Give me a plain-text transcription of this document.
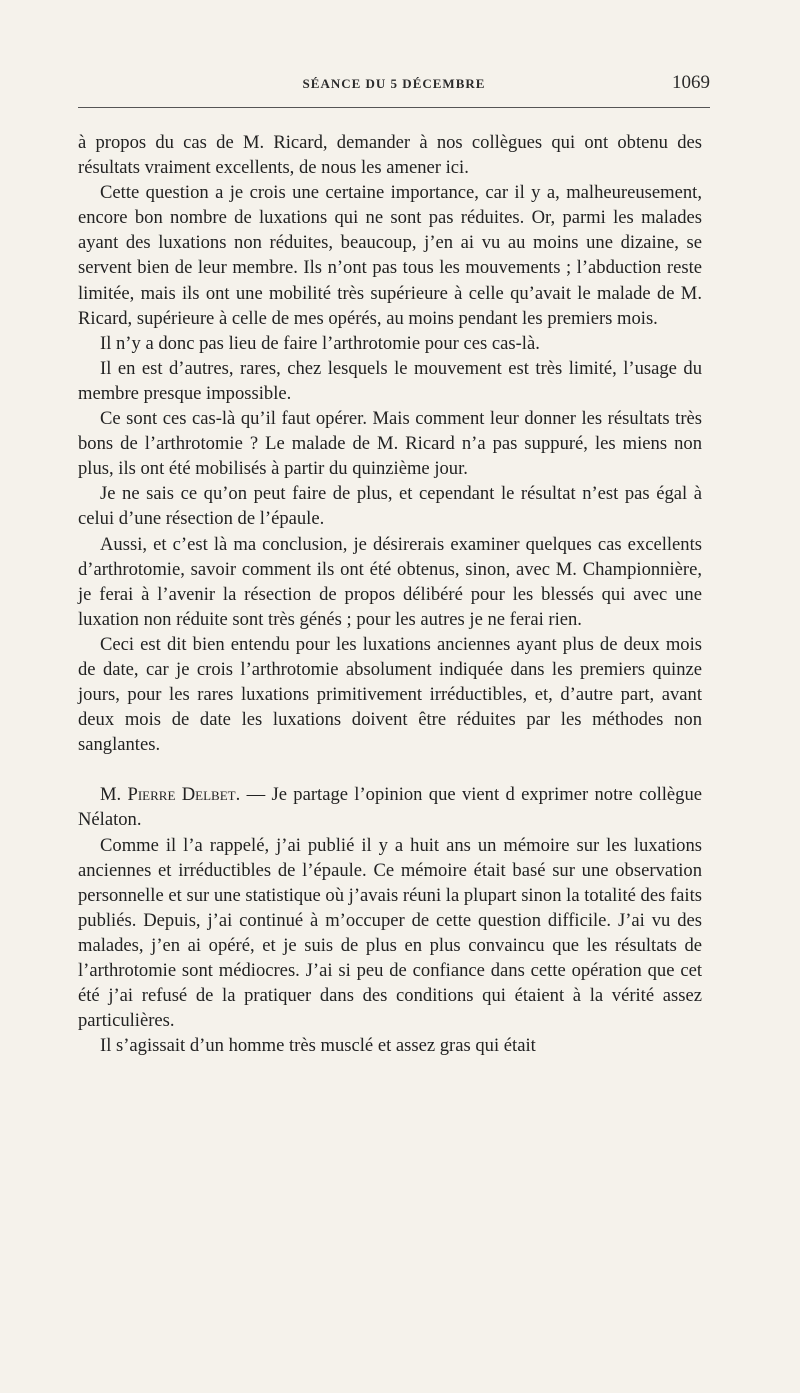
SÉANCE DU 5 DÉCEMBRE	1069

à propos du cas de M. Ricard, demander à nos collègues qui ont obtenu des résultats vraiment excellents, de nous les amener ici.

Cette question a je crois une certaine importance, car il y a, malheureusement, encore bon nombre de luxations qui ne sont pas réduites. Or, parmi les malades ayant des luxations non réduites, beaucoup, j’en ai vu au moins une dizaine, se servent bien de leur membre. Ils n’ont pas tous les mouvements ; l’abduction reste limitée, mais ils ont une mobilité très supérieure à celle qu’avait le malade de M. Ricard, supérieure à celle de mes opérés, au moins pendant les premiers mois.

Il n’y a donc pas lieu de faire l’arthrotomie pour ces cas-là.

Il en est d’autres, rares, chez lesquels le mouvement est très limité, l’usage du membre presque impossible.

Ce sont ces cas-là qu’il faut opérer. Mais comment leur donner les résultats très bons de l’arthrotomie ? Le malade de M. Ricard n’a pas suppuré, les miens non plus, ils ont été mobilisés à partir du quinzième jour.

Je ne sais ce qu’on peut faire de plus, et cependant le résultat n’est pas égal à celui d’une résection de l’épaule.

Aussi, et c’est là ma conclusion, je désirerais examiner quelques cas excellents d’arthrotomie, savoir comment ils ont été obtenus, sinon, avec M. Championnière, je ferai à l’avenir la résection de propos délibéré pour les blessés qui avec une luxation non réduite sont très génés ; pour les autres je ne ferai rien.

Ceci est dit bien entendu pour les luxations anciennes ayant plus de deux mois de date, car je crois l’arthrotomie absolument indiquée dans les premiers quinze jours, pour les rares luxations primitivement irréductibles, et, d’autre part, avant deux mois de date les luxations doivent être réduites par les méthodes non sanglantes.

M. Pierre Delbet. — Je partage l’opinion que vient d exprimer notre collègue Nélaton.

Comme il l’a rappelé, j’ai publié il y a huit ans un mémoire sur les luxations anciennes et irréductibles de l’épaule. Ce mémoire était basé sur une observation personnelle et sur une statistique où j’avais réuni la plupart sinon la totalité des faits publiés. Depuis, j’ai continué à m’occuper de cette question difficile. J’ai vu des malades, j’en ai opéré, et je suis de plus en plus convaincu que les résultats de l’arthrotomie sont médiocres. J’ai si peu de confiance dans cette opération que cet été j’ai refusé de la pratiquer dans des conditions qui étaient à la vérité assez particulières.

Il s’agissait d’un homme très musclé et assez gras qui était
